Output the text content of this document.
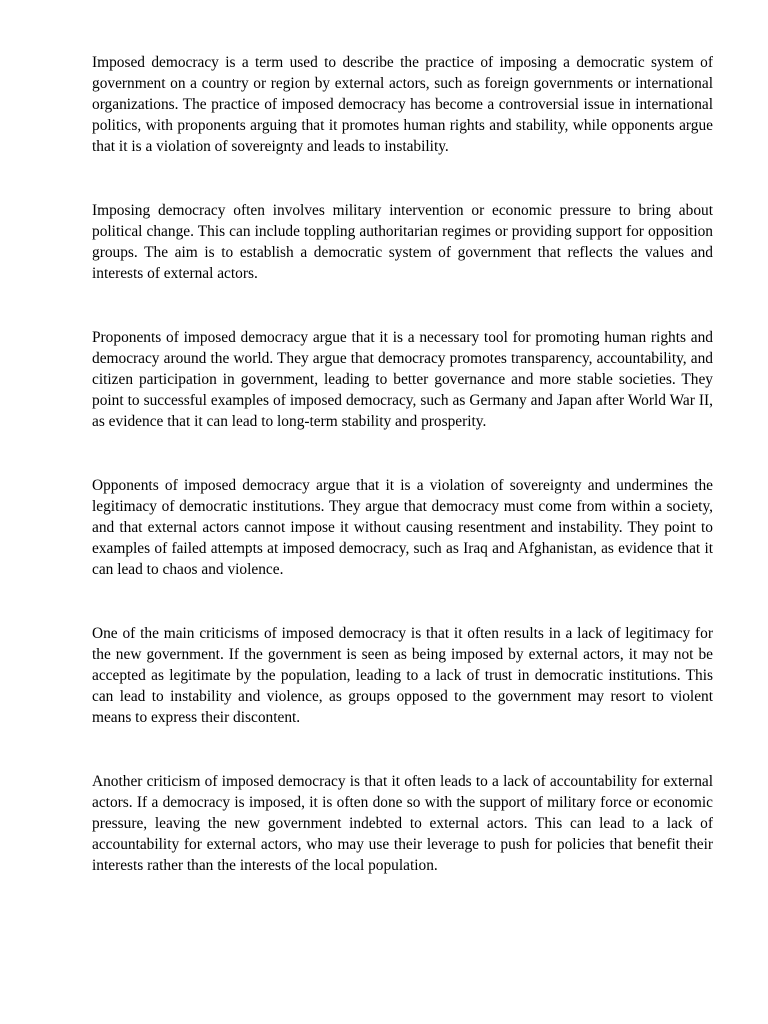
Imposed democracy is a term used to describe the practice of imposing a democratic system of government on a country or region by external actors, such as foreign governments or international organizations. The practice of imposed democracy has become a controversial issue in international politics, with proponents arguing that it promotes human rights and stability, while opponents argue that it is a violation of sovereignty and leads to instability.

Imposing democracy often involves military intervention or economic pressure to bring about political change. This can include toppling authoritarian regimes or providing support for opposition groups. The aim is to establish a democratic system of government that reflects the values and interests of external actors.

Proponents of imposed democracy argue that it is a necessary tool for promoting human rights and democracy around the world. They argue that democracy promotes transparency, accountability, and citizen participation in government, leading to better governance and more stable societies. They point to successful examples of imposed democracy, such as Germany and Japan after World War II, as evidence that it can lead to long-term stability and prosperity.

Opponents of imposed democracy argue that it is a violation of sovereignty and undermines the legitimacy of democratic institutions. They argue that democracy must come from within a society, and that external actors cannot impose it without causing resentment and instability. They point to examples of failed attempts at imposed democracy, such as Iraq and Afghanistan, as evidence that it can lead to chaos and violence.

One of the main criticisms of imposed democracy is that it often results in a lack of legitimacy for the new government. If the government is seen as being imposed by external actors, it may not be accepted as legitimate by the population, leading to a lack of trust in democratic institutions. This can lead to instability and violence, as groups opposed to the government may resort to violent means to express their discontent.

Another criticism of imposed democracy is that it often leads to a lack of accountability for external actors. If a democracy is imposed, it is often done so with the support of military force or economic pressure, leaving the new government indebted to external actors. This can lead to a lack of accountability for external actors, who may use their leverage to push for policies that benefit their interests rather than the interests of the local population.
